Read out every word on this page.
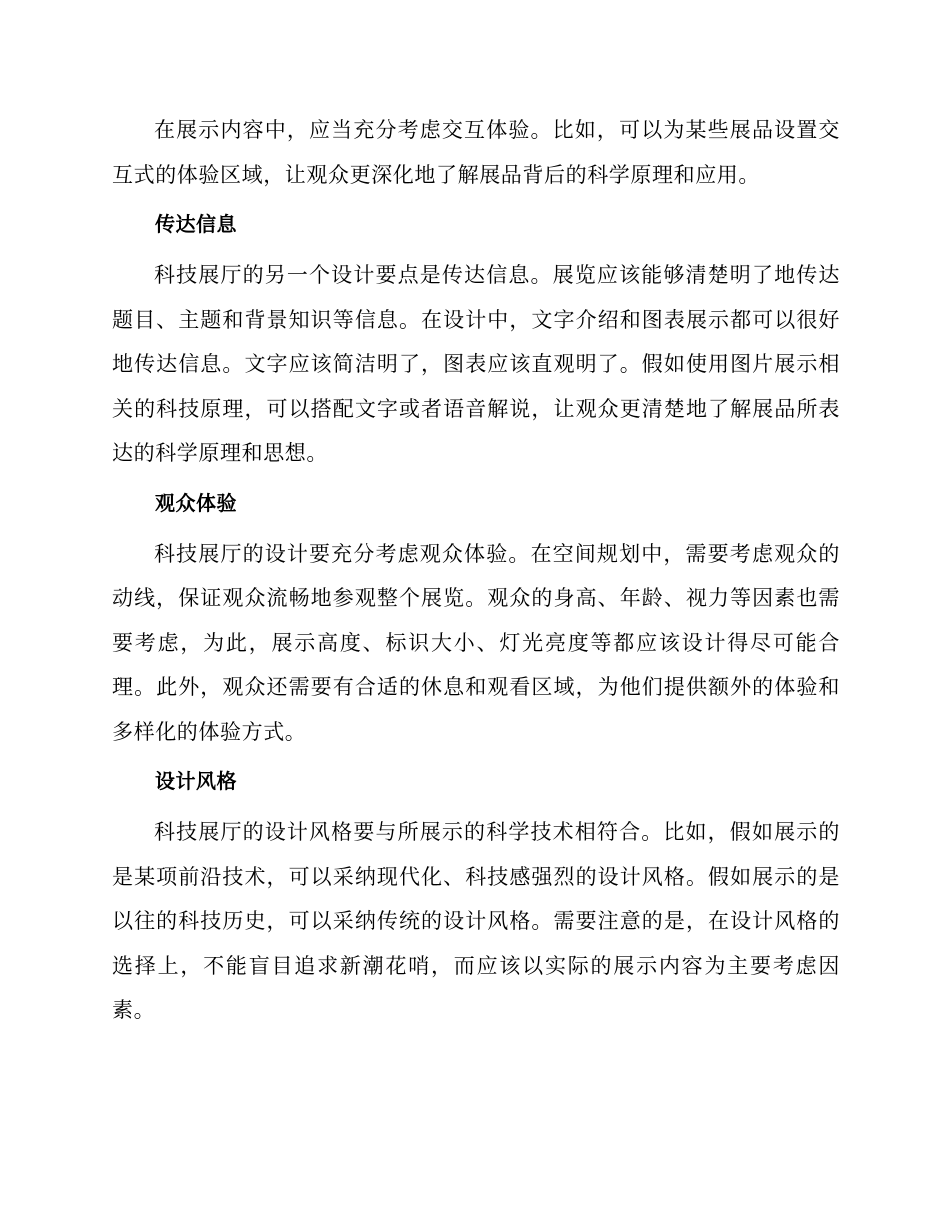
在展示内容中，应当充分考虑交互体验。比如，可以为某些展品设置交互式的体验区域，让观众更深化地了解展品背后的科学原理和应用。

传达信息

科技展厅的另一个设计要点是传达信息。展览应该能够清楚明了地传达题目、主题和背景知识等信息。在设计中，文字介绍和图表展示都可以很好地传达信息。文字应该简洁明了，图表应该直观明了。假如使用图片展示相关的科技原理，可以搭配文字或者语音解说，让观众更清楚地了解展品所表达的科学原理和思想。

观众体验

科技展厅的设计要充分考虑观众体验。在空间规划中，需要考虑观众的动线，保证观众流畅地参观整个展览。观众的身高、年龄、视力等因素也需要考虑，为此，展示高度、标识大小、灯光亮度等都应该设计得尽可能合理。此外，观众还需要有合适的休息和观看区域，为他们提供额外的体验和多样化的体验方式。

设计风格

科技展厅的设计风格要与所展示的科学技术相符合。比如，假如展示的是某项前沿技术，可以采纳现代化、科技感强烈的设计风格。假如展示的是以往的科技历史，可以采纳传统的设计风格。需要注意的是，在设计风格的选择上，不能盲目追求新潮花哨，而应该以实际的展示内容为主要考虑因素。
